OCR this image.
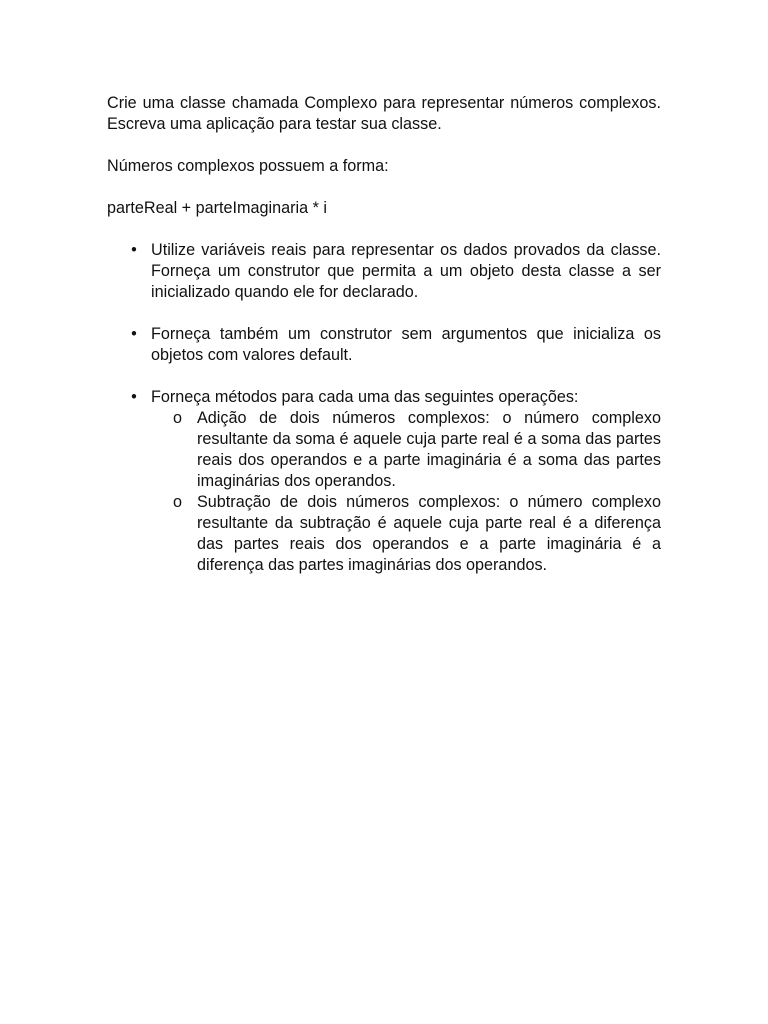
Crie uma classe chamada Complexo para representar números complexos. Escreva uma aplicação para testar sua classe.

Números complexos possuem a forma:

parteReal + parteImaginaria * i

• Utilize variáveis reais para representar os dados provados da classe.    Forneça um construtor que permita a um objeto desta classe a ser inicializado quando ele for declarado.
• Forneça também um construtor sem argumentos que inicializa os objetos com valores default.
• Forneça métodos para cada uma das seguintes operações:
o Adição de dois números complexos: o número complexo resultante da soma é aquele cuja parte real é a soma das partes reais dos operandos e a parte imaginária é a soma das partes imaginárias dos operandos.
o Subtração de dois números complexos: o número complexo resultante da subtração é aquele cuja parte real é a diferença das partes reais dos operandos e a parte imaginária é a diferença das partes imaginárias dos operandos.
